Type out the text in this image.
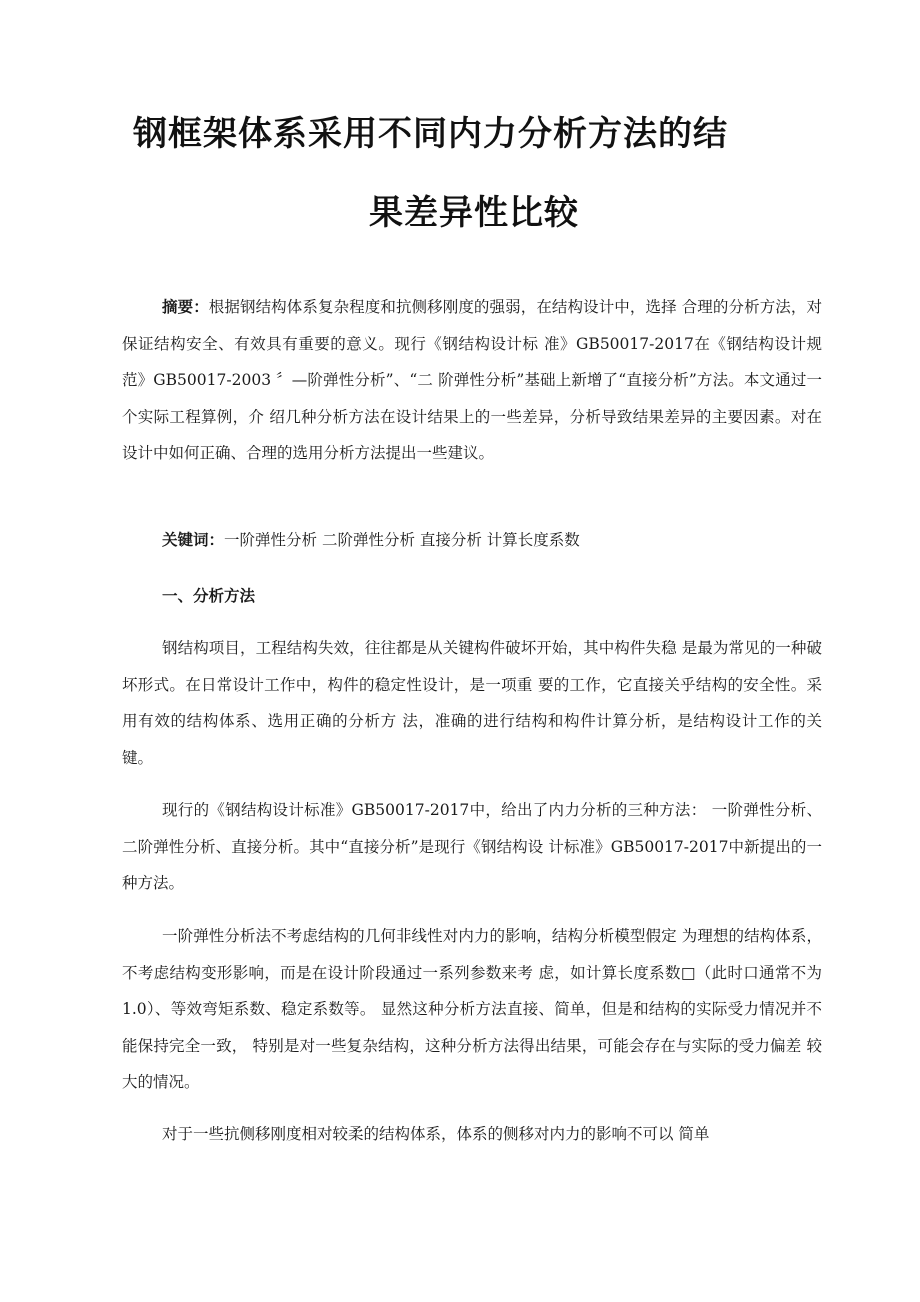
钢框架体系采用不同内力分析方法的结
果差异性比较

摘要：根据钢结构体系复杂程度和抗侧移刚度的强弱，在结构设计中，选择 合理的分析方法，对保证结构安全、有效具有重要的意义。现行《钢结构设计标 准》GB50017-2017在《钢结构设计规范》GB50017-2003 〞—阶弹性分析”、“二 阶弹性分析”基础上新增了“直接分析”方法。本文通过一个实际工程算例，介 绍几种分析方法在设计结果上的一些差异，分析导致结果差异的主要因素。对在 设计中如何正确、合理的选用分析方法提出一些建议。

关键词：一阶弹性分析 二阶弹性分析 直接分析 计算长度系数

一、分析方法

钢结构项目，工程结构失效，往往都是从关键构件破坏开始，其中构件失稳 是最为常见的一种破坏形式。在日常设计工作中，构件的稳定性设计，是一项重 要的工作，它直接关乎结构的安全性。采用有效的结构体系、选用正确的分析方 法，准确的进行结构和构件计算分析，是结构设计工作的关键。

现行的《钢结构设计标准》GB50017-2017中，给出了内力分析的三种方法： 一阶弹性分析、二阶弹性分析、直接分析。其中“直接分析”是现行《钢结构设 计标准》GB50017-2017中新提出的一种方法。

一阶弹性分析法不考虑结构的几何非线性对内力的影响，结构分析模型假定 为理想的结构体系，不考虑结构变形影响，而是在设计阶段通过一系列参数来考 虑，如计算长度系数□（此时口通常不为1.0）、等效弯矩系数、稳定系数等。 显然这种分析方法直接、简单，但是和结构的实际受力情况并不能保持完全一致， 特别是对一些复杂结构，这种分析方法得出结果，可能会存在与实际的受力偏差 较大的情况。

对于一些抗侧移刚度相对较柔的结构体系，体系的侧移对内力的影响不可以 简单
